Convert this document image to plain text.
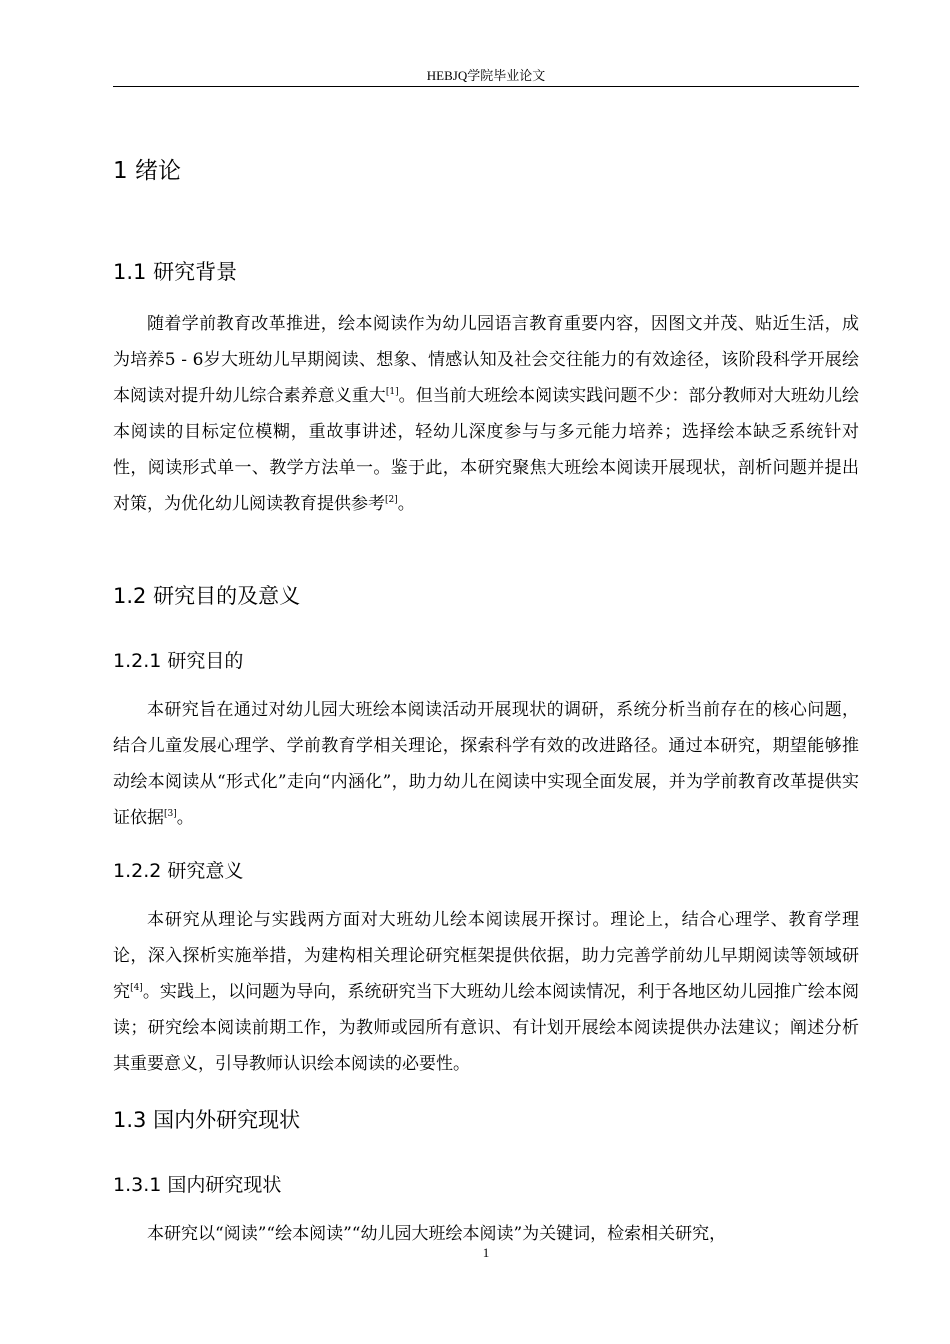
HEBJQ学院毕业论文
1 绪论
1.1 研究背景

随着学前教育改革推进，绘本阅读作为幼儿园语言教育重要内容，因图文并茂、贴近生活，成为培养5 - 6岁大班幼儿早期阅读、想象、情感认知及社会交往能力的有效途径，该阶段科学开展绘本阅读对提升幼儿综合素养意义重大[1]。但当前大班绘本阅读实践问题不少：部分教师对大班幼儿绘本阅读的目标定位模糊，重故事讲述，轻幼儿深度参与与多元能力培养；选择绘本缺乏系统针对性，阅读形式单一、教学方法单一。鉴于此，本研究聚焦大班绘本阅读开展现状，剖析问题并提出对策，为优化幼儿阅读教育提供参考[2]。

1.2 研究目的及意义
1.2.1 研究目的

本研究旨在通过对幼儿园大班绘本阅读活动开展现状的调研，系统分析当前存在的核心问题，结合儿童发展心理学、学前教育学相关理论，探索科学有效的改进路径。通过本研究，期望能够推动绘本阅读从“形式化”走向“内涵化”，助力幼儿在阅读中实现全面发展，并为学前教育改革提供实证依据[3]。

1.2.2 研究意义

本研究从理论与实践两方面对大班幼儿绘本阅读展开探讨。理论上，结合心理学、教育学理论，深入探析实施举措，为建构相关理论研究框架提供依据，助力完善学前幼儿早期阅读等领域研究[4]。实践上，以问题为导向，系统研究当下大班幼儿绘本阅读情况，利于各地区幼儿园推广绘本阅读；研究绘本阅读前期工作，为教师或园所有意识、有计划开展绘本阅读提供办法建议；阐述分析其重要意义，引导教师认识绘本阅读的必要性。

1.3 国内外研究现状
1.3.1 国内研究现状

本研究以“阅读”“绘本阅读”“幼儿园大班绘本阅读”为关键词，检索相关研究，

1
